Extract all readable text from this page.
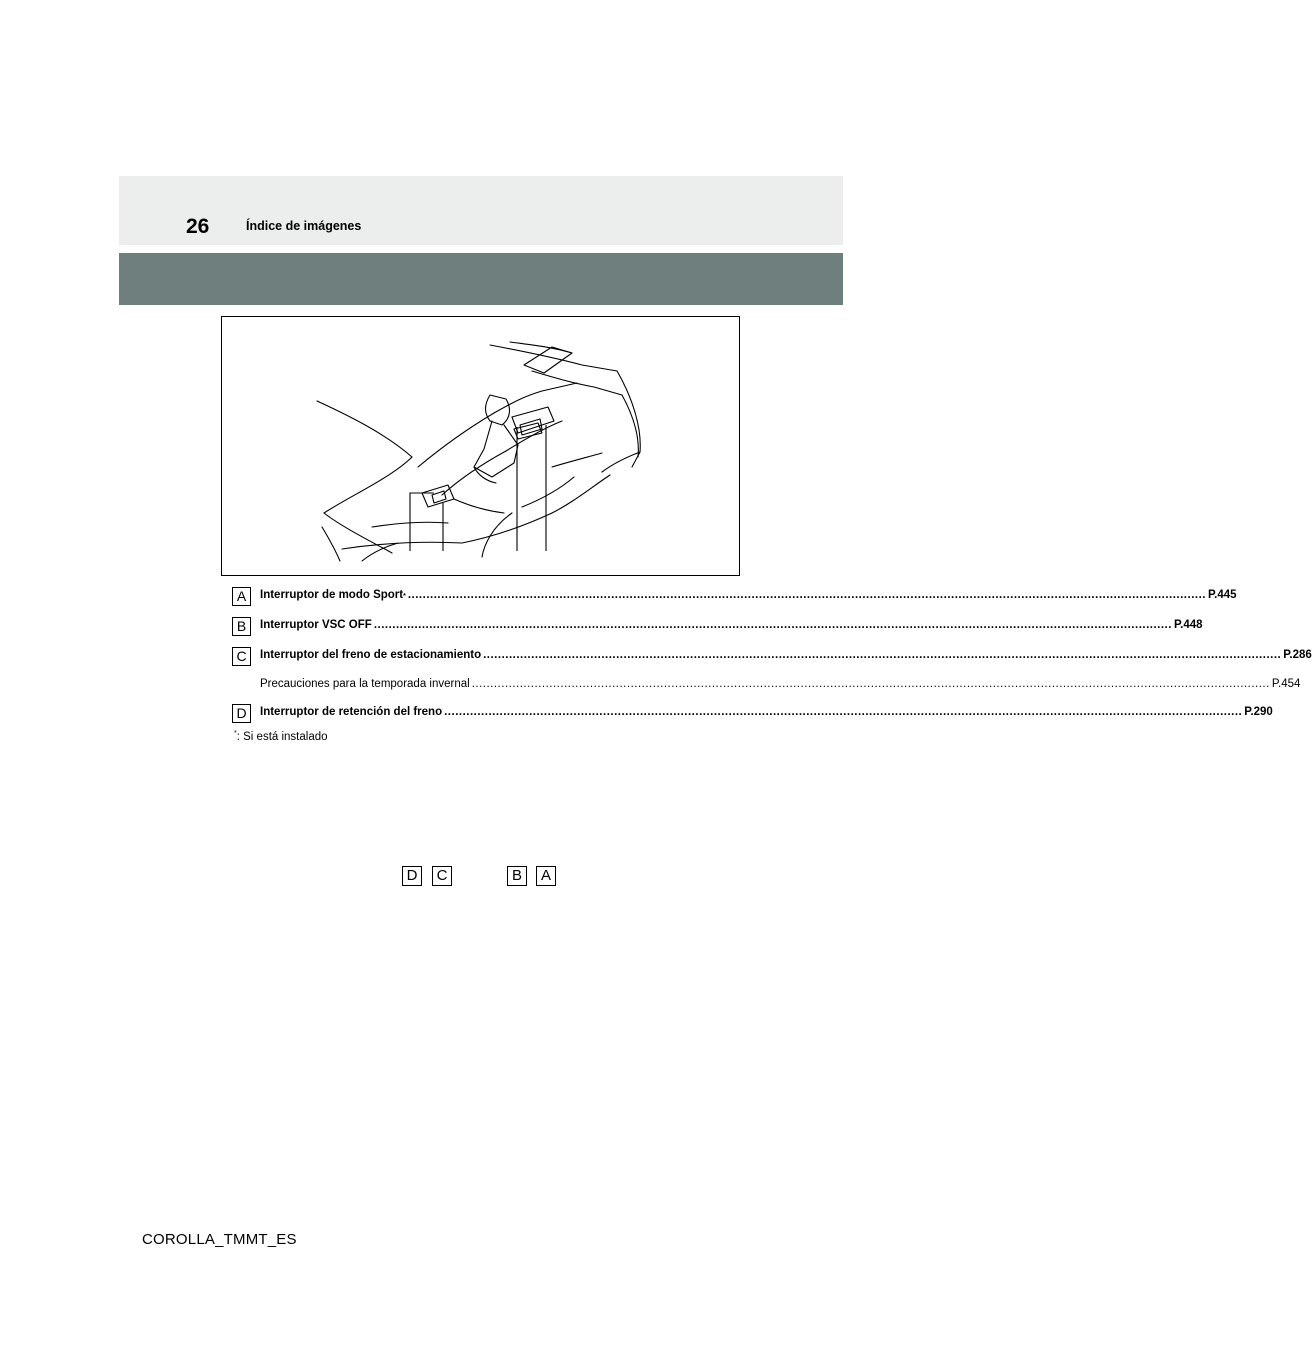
26	Índice de imágenes
D	C	B	A
A	Interruptor de modo Sport * .....	P.445
B	Interruptor VSC OFF .....	P.448
C	Interruptor del freno de estacionamiento .....	P.286
Precauciones para la temporada invernal .....	P.454
D	Interruptor de retención del freno .....	P.290
*: Si está instalado
COROLLA_TMMT_ES
